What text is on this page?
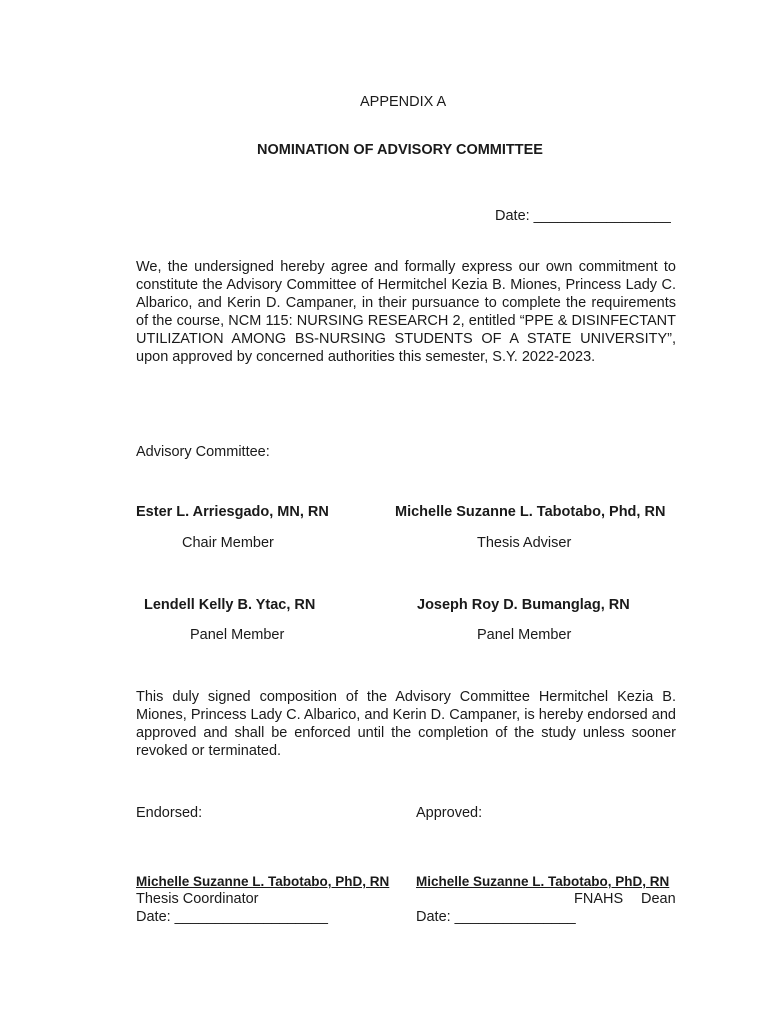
APPENDIX A
NOMINATION OF ADVISORY COMMITTEE
Date: _________________
We, the undersigned hereby agree and formally express our own commitment to constitute the Advisory Committee of Hermitchel Kezia B. Miones, Princess Lady C. Albarico, and Kerin D. Campaner, in their pursuance to complete the requirements of the course, NCM 115: NURSING RESEARCH 2, entitled “PPE & DISINFECTANT UTILIZATION AMONG BS-NURSING STUDENTS OF A STATE UNIVERSITY”, upon approved by concerned authorities this semester, S.Y. 2022-2023.
Advisory Committee:
Ester L. Arriesgado, MN, RN
Chair Member
Michelle Suzanne L. Tabotabo, Phd, RN
Thesis Adviser
Lendell Kelly B. Ytac, RN
Panel Member
Joseph Roy D. Bumanglag, RN
Panel Member
This duly signed composition of the Advisory Committee Hermitchel Kezia B. Miones, Princess Lady C. Albarico, and Kerin D. Campaner, is hereby endorsed and approved and shall be enforced until the completion of the study unless sooner revoked or terminated.
Endorsed:
Michelle Suzanne L. Tabotabo, PhD, RN
Thesis Coordinator
Date: ___________________
Approved:
Michelle Suzanne L. Tabotabo, PhD, RN
FNAHS Dean
Date: _______________
